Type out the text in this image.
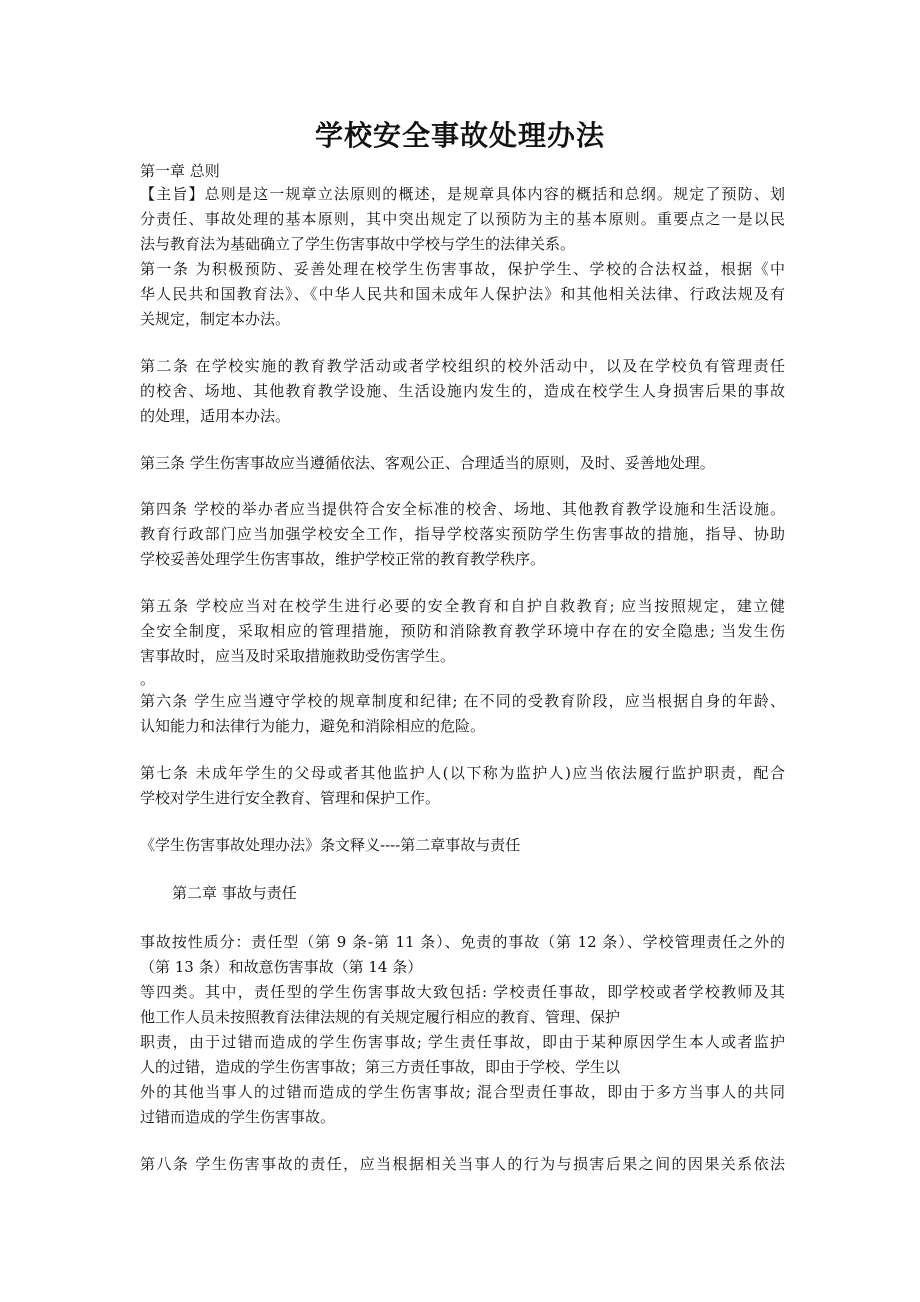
学校安全事故处理办法
第一章 总则
【主旨】总则是这一规章立法原则的概述，是规章具体内容的概括和总纲。规定了预防、划
分责任、事故处理的基本原则，其中突出规定了以预防为主的基本原则。重要点之一是以民
法与教育法为基础确立了学生伤害事故中学校与学生的法律关系。
第一条 为积极预防、妥善处理在校学生伤害事故，保护学生、学校的合法权益，根据《中
华人民共和国教育法》、《中华人民共和国未成年人保护法》和其他相关法律、行政法规及有
关规定，制定本办法。
第二条 在学校实施的教育教学活动或者学校组织的校外活动中，以及在学校负有管理责任
的校舍、场地、其他教育教学设施、生活设施内发生的，造成在校学生人身损害后果的事故
的处理，适用本办法。
第三条 学生伤害事故应当遵循依法、客观公正、合理适当的原则，及时、妥善地处理。
第四条 学校的举办者应当提供符合安全标准的校舍、场地、其他教育教学设施和生活设施。
教育行政部门应当加强学校安全工作，指导学校落实预防学生伤害事故的措施，指导、协助
学校妥善处理学生伤害事故，维护学校正常的教育教学秩序。
第五条 学校应当对在校学生进行必要的安全教育和自护自救教育; 应当按照规定，建立健
全安全制度，采取相应的管理措施，预防和消除教育教学环境中存在的安全隐患; 当发生伤
害事故时，应当及时采取措施救助受伤害学生。
。
第六条 学生应当遵守学校的规章制度和纪律; 在不同的受教育阶段，应当根据自身的年龄、
认知能力和法律行为能力，避免和消除相应的危险。
第七条 未成年学生的父母或者其他监护人(以下称为监护人)应当依法履行监护职责，配合
学校对学生进行安全教育、管理和保护工作。
《学生伤害事故处理办法》条文释义----第二章事故与责任
第二章 事故与责任
事故按性质分：责任型（第 9 条-第 11 条）、免责的事故（第 12 条）、学校管理责任之外的
（第 13 条）和故意伤害事故（第 14 条）
等四类。其中，责任型的学生伤害事故大致包括: 学校责任事故，即学校或者学校教师及其
他工作人员未按照教育法律法规的有关规定履行相应的教育、管理、保护
职责，由于过错而造成的学生伤害事故; 学生责任事故，即由于某种原因学生本人或者监护
人的过错，造成的学生伤害事故；第三方责任事故，即由于学校、学生以
外的其他当事人的过错而造成的学生伤害事故; 混合型责任事故，即由于多方当事人的共同
过错而造成的学生伤害事故。
第八条 学生伤害事故的责任，应当根据相关当事人的行为与损害后果之间的因果关系依法
